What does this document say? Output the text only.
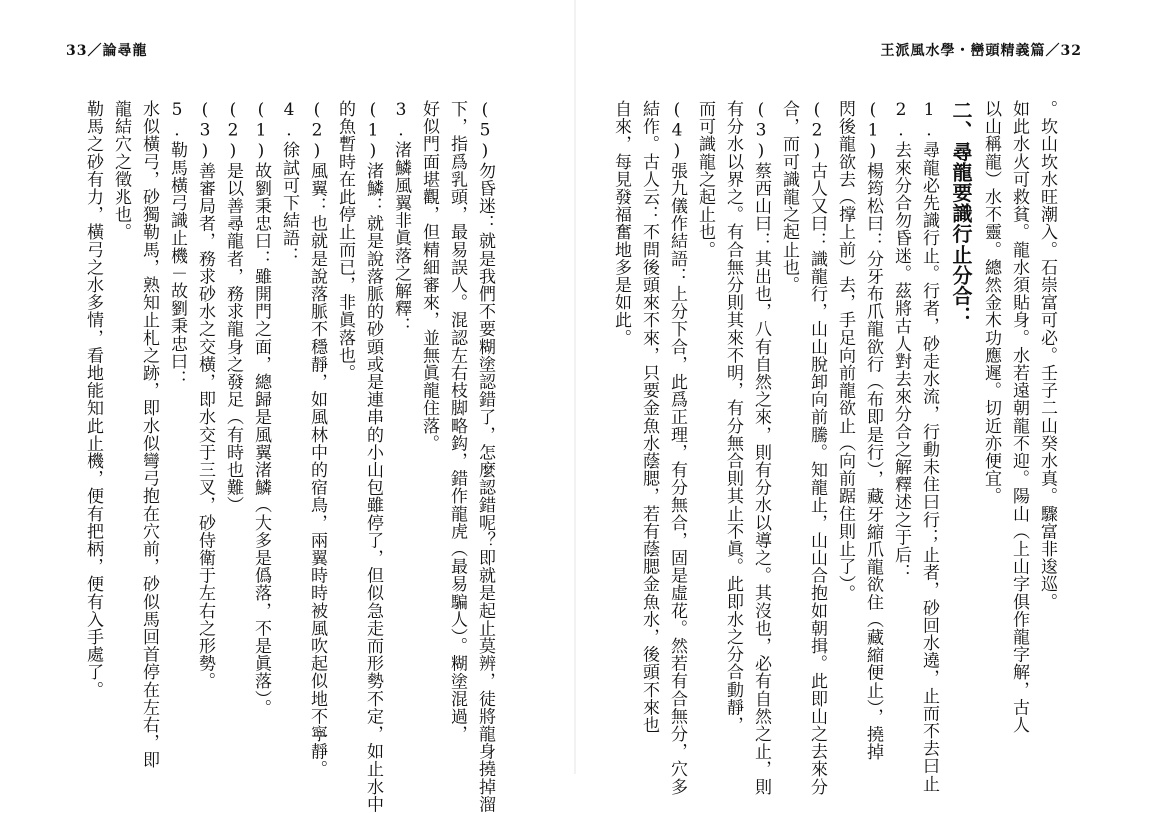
33／論尋龍	王派風水學・巒頭精義篇／32
。坎山坎水旺潮入。石崇富可必。壬子二山癸水真。驟富非逡巡。
如此水火可救貧。龍水須貼身。水若遠朝龍不迎。陽山（上山字俱作龍字解，古人
以山稱龍）水不靈。總然金木功應遲。切近亦便宜。
二、尋龍要識行止分合：
1.尋龍必先識行止。行者，砂走水流，行動未住曰行；止者，砂回水遶，止而不去曰止
2.去來分合勿昏迷。茲將古人對去來分合之解釋述之于后：
(1)楊筠松曰：分牙布爪龍欲行（布即是行），藏牙縮爪龍欲住（藏縮便止），撓掉
閃後龍欲去（撑上前）去，手足向前龍欲止（向前踞住則止了）。
(2)古人又曰：識龍行，山山脫卸向前騰。知龍止，山山合抱如朝揖。此即山之去來分
合，而可識龍之起止也。
(3)蔡西山曰：其出也，八有自然之來，則有分水以導之。其沒也，必有自然之止，則
有分水以界之。有合無分則其來不明，有分無合則其止不眞。此即水之分合動靜，
而可識龍之起止也。
(4)張九儀作結語：上分下合，此爲正理，有分無合，固是虛花。然若有合無分，穴多
結作。古人云：不問後頭來不來，只要金魚水蔭腮，若有蔭腮金魚水，後頭不來也
自來，每見發福奮地多是如此。
(5)勿昏迷：就是我們不要糊塗認錯了，怎麼認錯呢？即就是起止莫辨，徒將龍身撓掉溜
下，指爲乳頭，最易誤人。混認左右枝脚略鈎，錯作龍虎（最易騙人）。糊塗混過，
好似門面堪觀，但精細審來，並無眞龍住落。
3.渚鱗風翼非眞落之解釋：
(1)渚鱗：就是說落脈的砂頭或是連串的小山包雖停了，但似急走而形勢不定，如止水中
的魚暫時在此停止而已，非眞落也。
(2)風翼：也就是說落脈不穩靜，如風林中的宿鳥，兩翼時時被風吹起似地不寧靜。
4.徐試可下結語：
(1)故劉秉忠曰：雖開門之面，總歸是風翼渚鱗（大多是僞落，不是眞落）。
(2)是以善尋龍者，務求龍身之發足（有時也難）
(3)善審局者，務求砂水之交橫，即水交于三叉，砂侍衛于左右之形勢。
5.勒馬橫弓識止機－故劉秉忠曰：
水似橫弓，砂獨勒馬，熟知止札之跡，即水似彎弓抱在穴前，砂似馬回首停在左右，即
龍結穴之徵兆也。
勒馬之砂有力，橫弓之水多情，看地能知此止機，便有把柄，便有入手處了。
